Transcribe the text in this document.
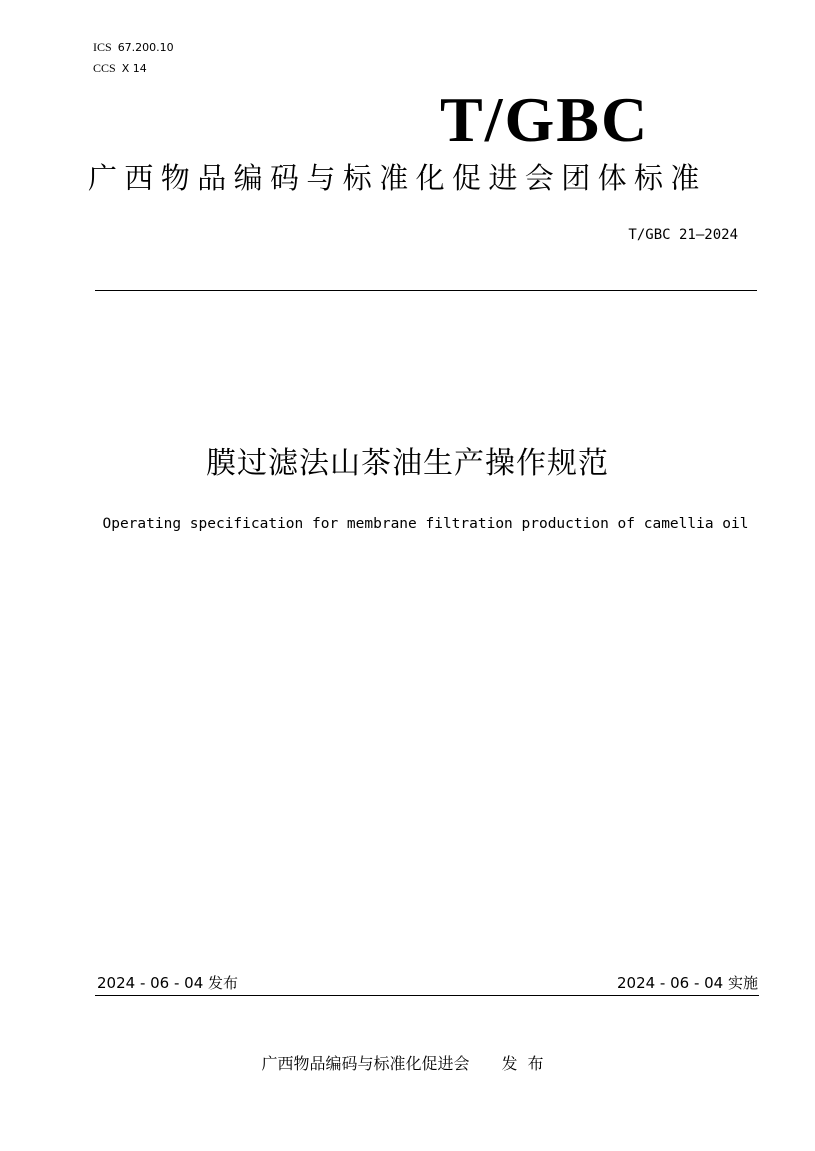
ICS 67.200.10
CCS X 14
T/GBC
广西物品编码与标准化促进会团体标准
T/GBC 21—2024
膜过滤法山茶油生产操作规范
Operating specification for membrane filtration production of camellia oil
2024 - 06 - 04 发布	2024 - 06 - 04 实施
广西物品编码与标准化促进会 发布
